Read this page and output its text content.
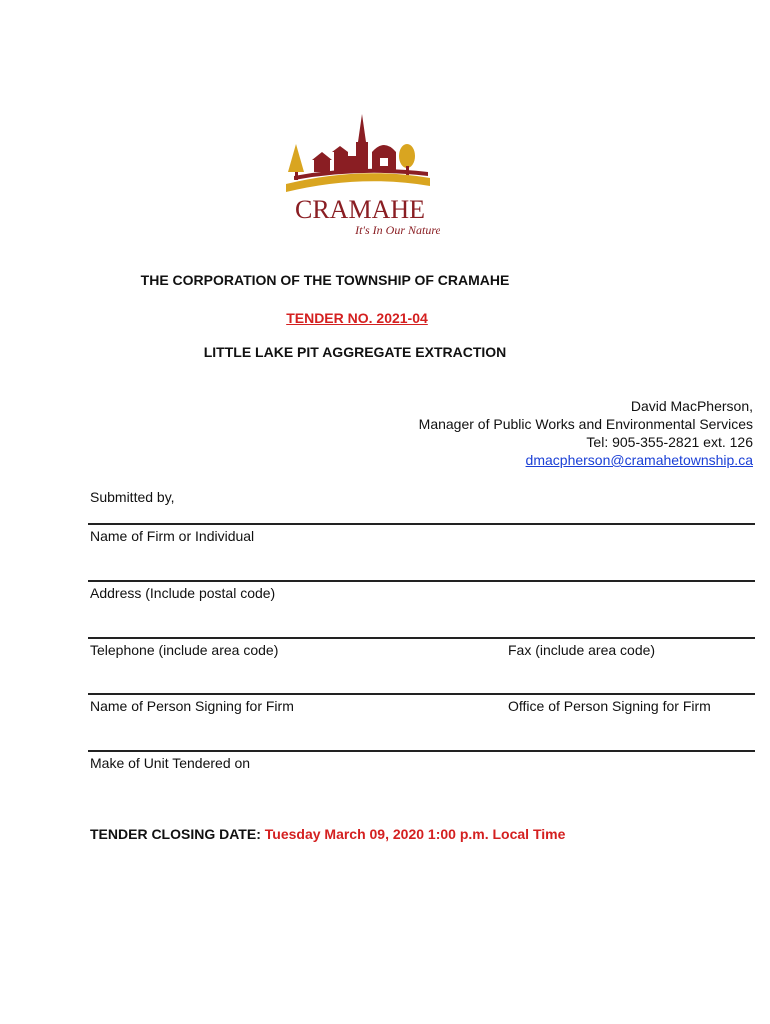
CRAMAHE
It's In Our Nature
THE CORPORATION OF THE TOWNSHIP OF CRAMAHE
TENDER NO. 2021-04
LITTLE LAKE PIT AGGREGATE EXTRACTION
David MacPherson,
Manager of Public Works and Environmental Services
Tel: 905-355-2821 ext. 126
dmacpherson@cramahetownship.ca
Submitted by,
Name of Firm or Individual
Address (Include postal code)
Telephone (include area code)	Fax (include area code)
Name of Person Signing for Firm	Office of Person Signing for Firm
Make of Unit Tendered on
TENDER CLOSING DATE: Tuesday March 09, 2020 1:00 p.m. Local Time
